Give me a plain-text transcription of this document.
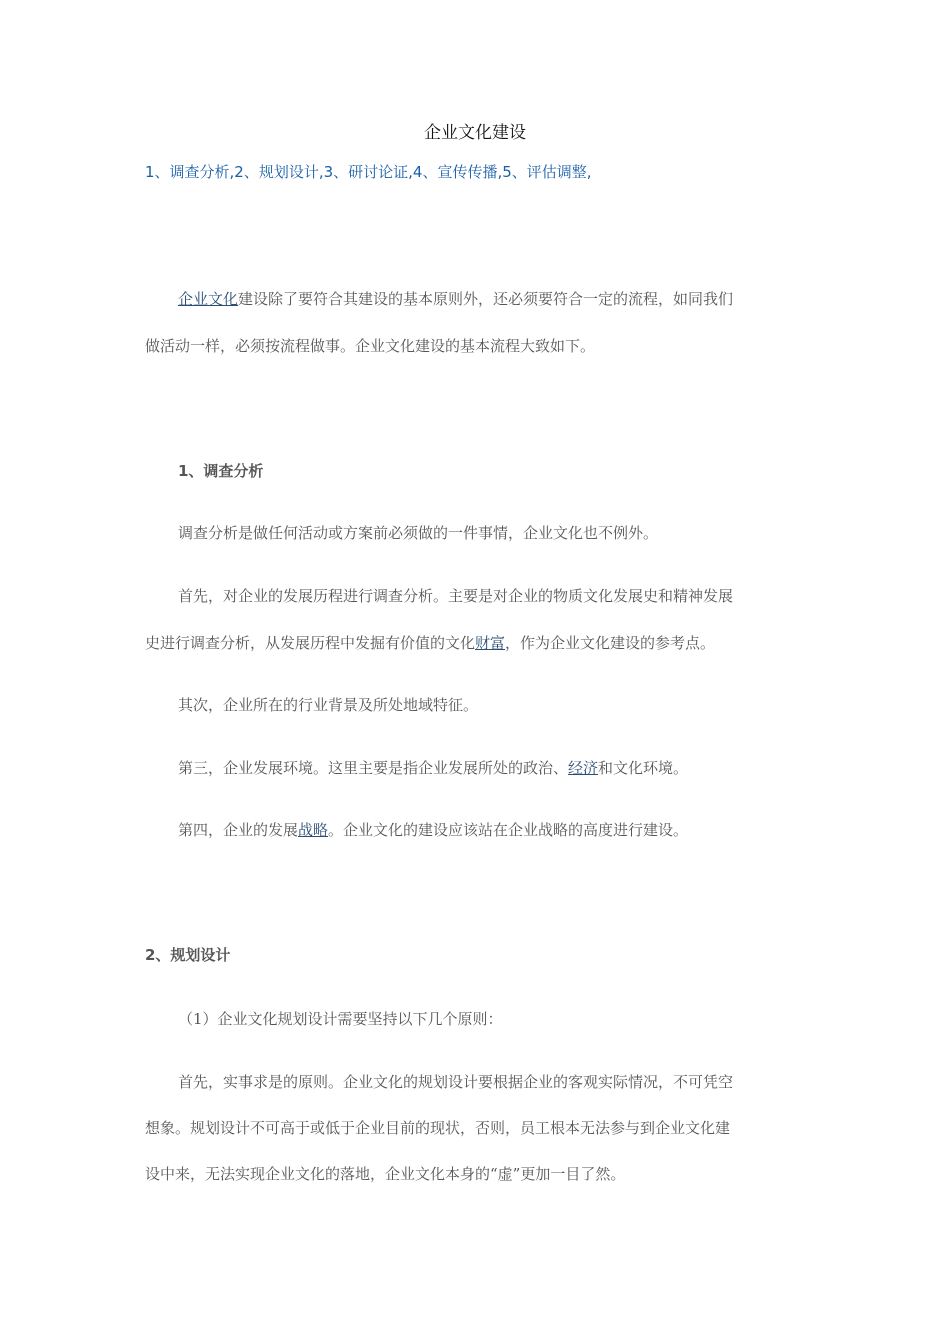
企业文化建设
1、调查分析,2、规划设计,3、研讨论证,4、宣传传播,5、评估调整,
企业文化建设除了要符合其建设的基本原则外，还必须要符合一定的流程，如同我们
做活动一样，必须按流程做事。企业文化建设的基本流程大致如下。
1、调查分析
调查分析是做任何活动或方案前必须做的一件事情，企业文化也不例外。
首先，对企业的发展历程进行调查分析。主要是对企业的物质文化发展史和精神发展
史进行调查分析，从发展历程中发掘有价值的文化财富，作为企业文化建设的参考点。
其次，企业所在的行业背景及所处地域特征。
第三，企业发展环境。这里主要是指企业发展所处的政治、经济和文化环境。
第四，企业的发展战略。企业文化的建设应该站在企业战略的高度进行建设。
2、规划设计
（1）企业文化规划设计需要坚持以下几个原则：
首先，实事求是的原则。企业文化的规划设计要根据企业的客观实际情况，不可凭空
想象。规划设计不可高于或低于企业目前的现状，否则，员工根本无法参与到企业文化建
设中来，无法实现企业文化的落地，企业文化本身的“虚”更加一目了然。
